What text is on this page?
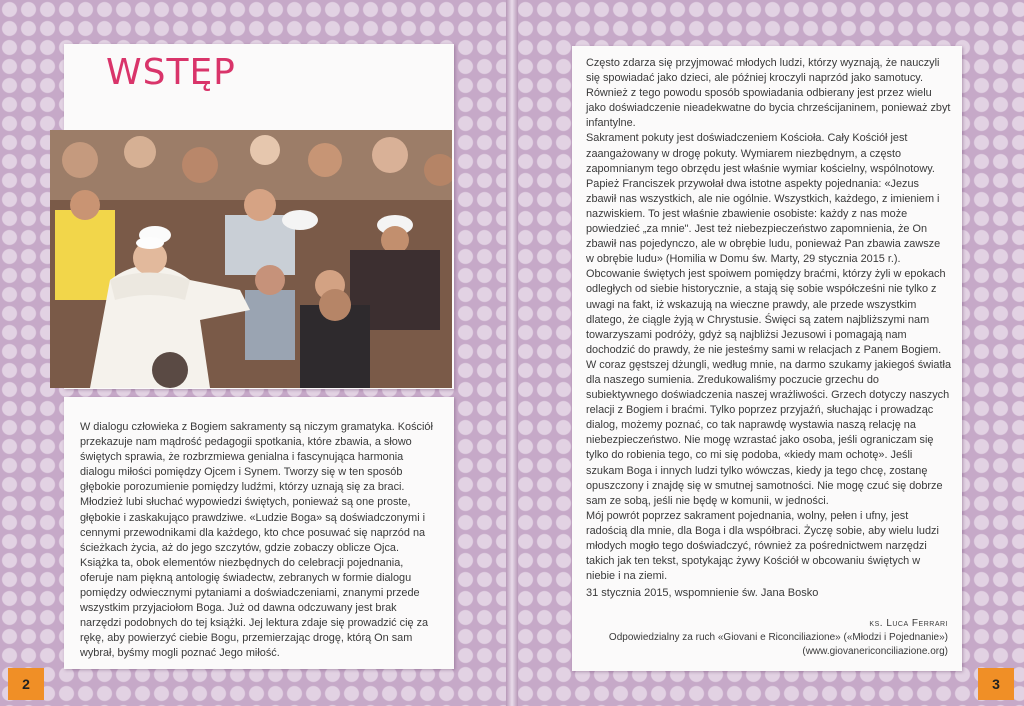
WSTĘP

W dialogu człowieka z Bogiem sakramenty są niczym gramatyka. Kościół przekazuje nam mądrość pedagogii spotkania, które zbawia, a słowo świętych sprawia, że rozbrzmiewa genialna i fascynująca harmonia dialogu miłości pomiędzy Ojcem i Synem. Tworzy się w ten sposób głębokie porozumienie pomiędzy ludźmi, którzy uznają się za braci. Młodzież lubi słuchać wypowiedzi świętych, ponieważ są one proste, głębokie i zaskakująco prawdziwe. «Ludzie Boga» są doświadczonymi i cennymi przewodnikami dla każdego, kto chce posuwać się naprzód na ścieżkach życia, aż do jego szczytów, gdzie zobaczy oblicze Ojca. Książka ta, obok elementów niezbędnych do celebracji pojednania, oferuje nam piękną antologię świadectw, zebranych w formie dialogu pomiędzy odwiecznymi pytaniami a doświadczeniami, znanymi przede wszystkim przyjaciołom Boga. Już od dawna odczuwany jest brak narzędzi podobnych do tej książki. Jej lektura zdaje się prowadzić cię za rękę, aby powierzyć ciebie Bogu, przemierzając drogę, którą On sam wybrał, byśmy mogli poznać Jego miłość.

2

Często zdarza się przyjmować młodych ludzi, którzy wyznają, że nauczyli się spowiadać jako dzieci, ale później kroczyli naprzód jako samotucy. Również z tego powodu sposób spowiadania odbierany jest przez wielu jako doświadczenie nieadekwatne do bycia chrześcijaninem, ponieważ zbyt infantylne.

Sakrament pokuty jest doświadczeniem Kościoła. Cały Kościół jest zaangażowany w drogę pokuty. Wymiarem niezbędnym, a często zapomnianym tego obrzędu jest właśnie wymiar kościelny, wspólnotowy. Papież Franciszek przywołał dwa istotne aspekty pojednania: «Jezus zbawił nas wszystkich, ale nie ogólnie. Wszystkich, każdego, z imieniem i nazwiskiem. To jest właśnie zbawienie osobiste: każdy z nas może powiedzieć „za mnie". Jest też niebezpieczeństwo zapomnienia, że On zbawił nas pojedynczo, ale w obrębie ludu, ponieważ Pan zbawia zawsze w obrębie ludu» (Homilia w Domu św. Marty, 29 stycznia 2015 r.).

Obcowanie świętych jest spoiwem pomiędzy braćmi, którzy żyli w epokach odległych od siebie historycznie, a stają się sobie współcześni nie tylko z uwagi na fakt, iż wskazują na wieczne prawdy, ale przede wszystkim dlatego, że ciągle żyją w Chrystusie. Święci są zatem najbliższymi nam towarzyszami podróży, gdyż są najbliżsi Jezusowi i pomagają nam dochodzić do prawdy, że nie jesteśmy sami w relacjach z Panem Bogiem.

W coraz gęstszej dżungli, według mnie, na darmo szukamy jakiegoś światła dla naszego sumienia. Zredukowaliśmy poczucie grzechu do subiektywnego doświadczenia naszej wrażliwości. Grzech dotyczy naszych relacji z Bogiem i braćmi. Tylko poprzez przyjaźń, słuchając i prowadząc dialog, możemy poznać, co tak naprawdę wystawia naszą relację na niebezpieczeństwo. Nie mogę wzrastać jako osoba, jeśli ograniczam się tylko do robienia tego, co mi się podoba, «kiedy mam ochotę». Jeśli szukam Boga i innych ludzi tylko wówczas, kiedy ja tego chcę, zostanę opuszczony i znajdę się w smutnej samotności. Nie mogę czuć się dobrze sam ze sobą, jeśli nie będę w komunii, w jedności.

Mój powrót poprzez sakrament pojednania, wolny, pełen i ufny, jest radością dla mnie, dla Boga i dla współbraci. Życzę sobie, aby wielu ludzi młodych mogło tego doświadczyć, również za pośrednictwem narzędzi takich jak ten tekst, spotykając żywy Kościół w obcowaniu świętych w niebie i na ziemi.

31 stycznia 2015, wspomnienie św. Jana Bosko
ks. Luca Ferrari
Odpowiedzialny za ruch «Giovani e Riconciliazione» («Młodzi i Pojednanie»)
(www.giovanericonciliazione.org)
3
